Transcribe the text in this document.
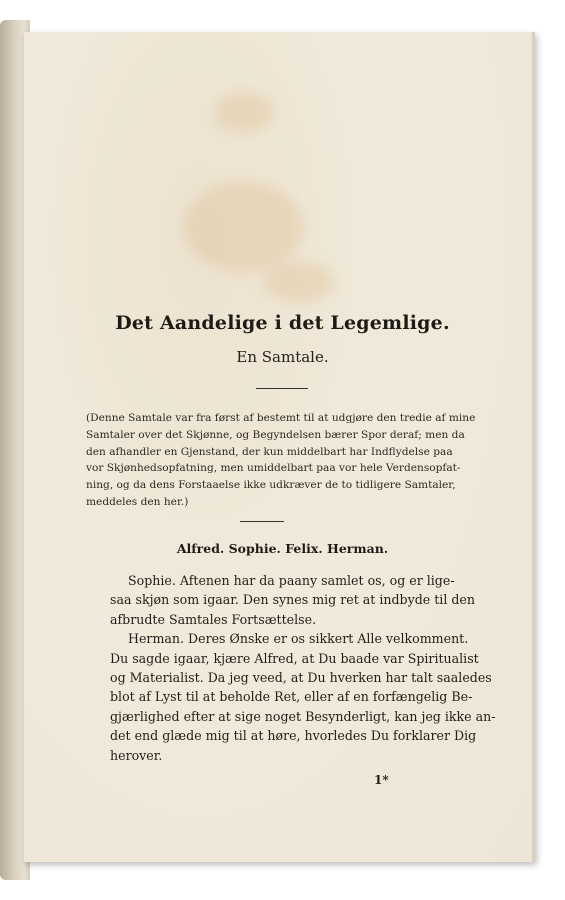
Det Aandelige i det Legemlige.
En Samtale.
(Denne Samtale var fra først af bestemt til at udgjøre den tredie af mine
Samtaler over det Skjønne, og Begyndelsen bærer Spor deraf; men da
den afhandler en Gjenstand, der kun middelbart har Indflydelse paa
vor Skjønhedsopfatning, men umiddelbart paa vor hele Verdensopfat-
ning, og da dens Forstaaelse ikke udkræver de to tidligere Samtaler,
meddeles den her.)
Alfred. Sophie. Felix. Herman.
Sophie. Aftenen har da paany samlet os, og er lige-
saa skjøn som igaar. Den synes mig ret at indbyde til den
afbrudte Samtales Fortsættelse.
Herman. Deres Ønske er os sikkert Alle velkomment.
Du sagde igaar, kjære Alfred, at Du baade var Spiritualist
og Materialist. Da jeg veed, at Du hverken har talt saaledes
blot af Lyst til at beholde Ret, eller af en forfængelig Be-
gjærlighed efter at sige noget Besynderligt, kan jeg ikke an-
det end glæde mig til at høre, hvorledes Du forklarer Dig
herover.
1*
